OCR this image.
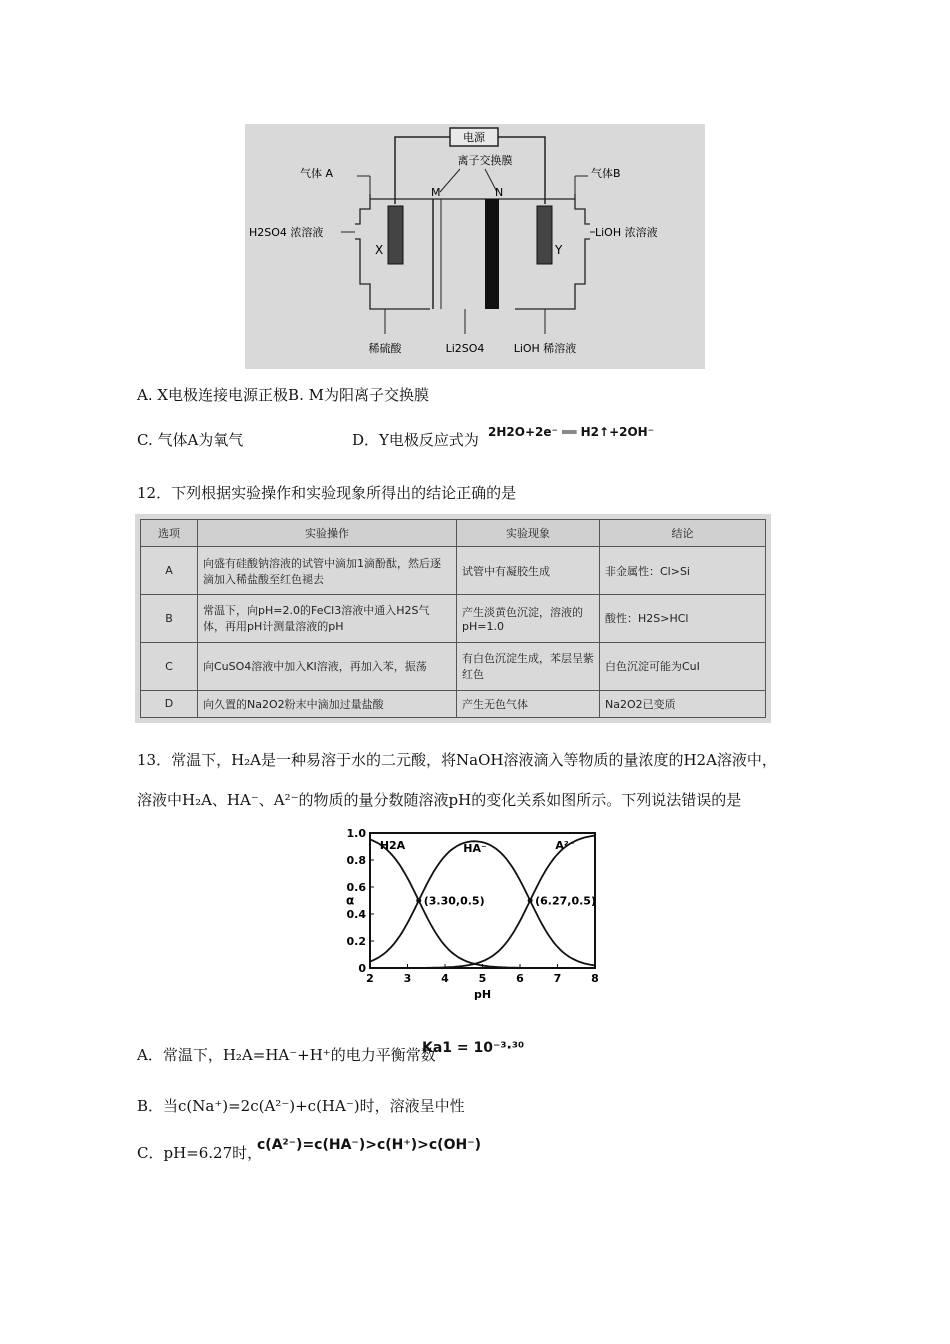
电源
离子交换膜
M	N
X	Y
气体 A	气体B
H2SO4 浓溶液	LiOH 浓溶液
稀硫酸	Li2SO4	LiOH 稀溶液
A. X电极连接电源正极B. M为阳离子交换膜
C. 气体A为氧气	D．Y电极反应式为 2H2O+2e⁻ ══ H2↑+2OH⁻
12．下列根据实验操作和实验现象所得出的结论正确的是
选项	实验操作	实验现象	结论
A	向盛有硅酸钠溶液的试管中滴加1滴酚酞，然后逐滴加入稀盐酸至红色褪去	试管中有凝胶生成	非金属性：Cl>Si
B	常温下，向pH=2.0的FeCl3溶液中通入H2S气体，再用pH计测量溶液的pH	产生淡黄色沉淀，溶液的pH=1.0	酸性：H2S>HCl
C	向CuSO4溶液中加入KI溶液，再加入苯，振荡	有白色沉淀生成，苯层呈紫红色	白色沉淀可能为CuI
D	向久置的Na2O2粉末中滴加过量盐酸	产生无色气体	Na2O2已变质
13．常温下，H₂A是一种易溶于水的二元酸，将NaOH溶液滴入等物质的量浓度的H2A溶液中，
溶液中H₂A、HA⁻、A²⁻的物质的量分数随溶液pH的变化关系如图所示。下列说法错误的是
2	3	4	5	6	7	8
0
0.2
0.4
0.6
0.8
1.0
pH
α
H2A	HA⁻	A²⁻
(3.30,0.5)	(6.27,0.5)
A．常温下，H₂A=HA⁻+H⁺的电力平衡常数
Ka1 = 10⁻³·³⁰
B．当c(Na⁺)=2c(A²⁻)+c(HA⁻)时，溶液呈中性
C．pH=6.27时，
c(A²⁻)=c(HA⁻)>c(H⁺)>c(OH⁻)
